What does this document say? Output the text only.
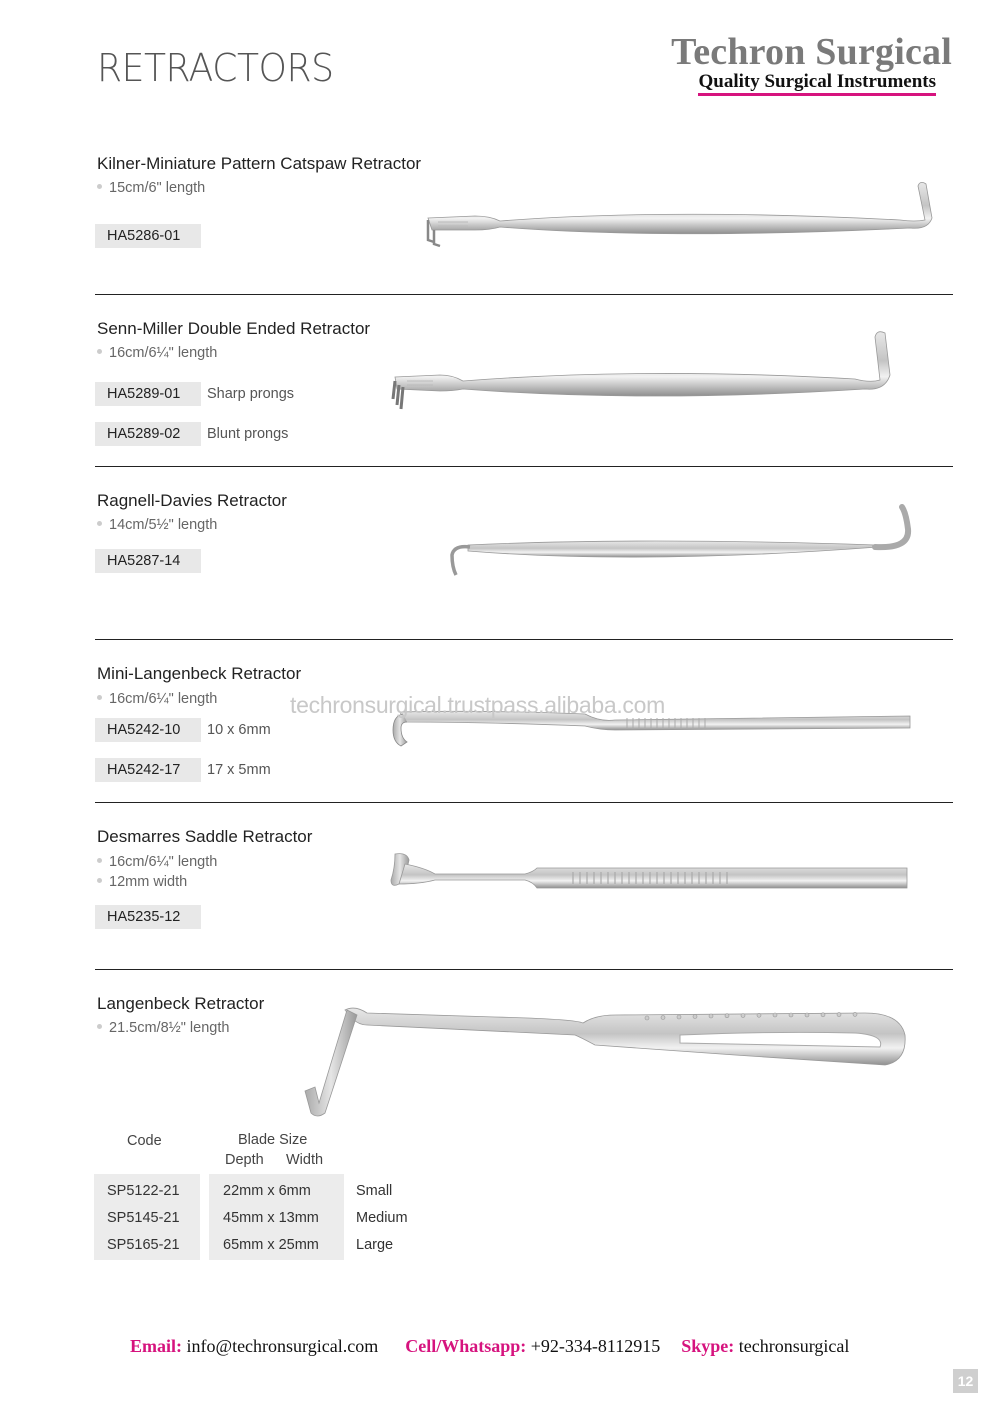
RETRACTORS	Techron Surgical
Quality Surgical Instruments
Kilner-Miniature Pattern Catspaw Retractor
15cm/6" length
HA5286-01
Senn-Miller Double Ended Retractor
16cm/6¼" length
HA5289-01	Sharp prongs
HA5289-02	Blunt prongs
Ragnell-Davies Retractor
14cm/5½" length
HA5287-14
Mini-Langenbeck Retractor
16cm/6¼" length
HA5242-10	10 x 6mm
HA5242-17	17 x 5mm
techronsurgical.trustpass.alibaba.com
Desmarres Saddle Retractor
16cm/6¼" length
12mm width
HA5235-12
Langenbeck Retractor
21.5cm/8½" length
Code	Blade Size
Depth Width
SP5122-21	22mm x 6mm	Small
SP5145-21	45mm x 13mm	Medium
SP5165-21	65mm x 25mm	Large
Email: info@techronsurgical.com Cell/Whatsapp: +92-334-8112915 Skype: techronsurgical
12
